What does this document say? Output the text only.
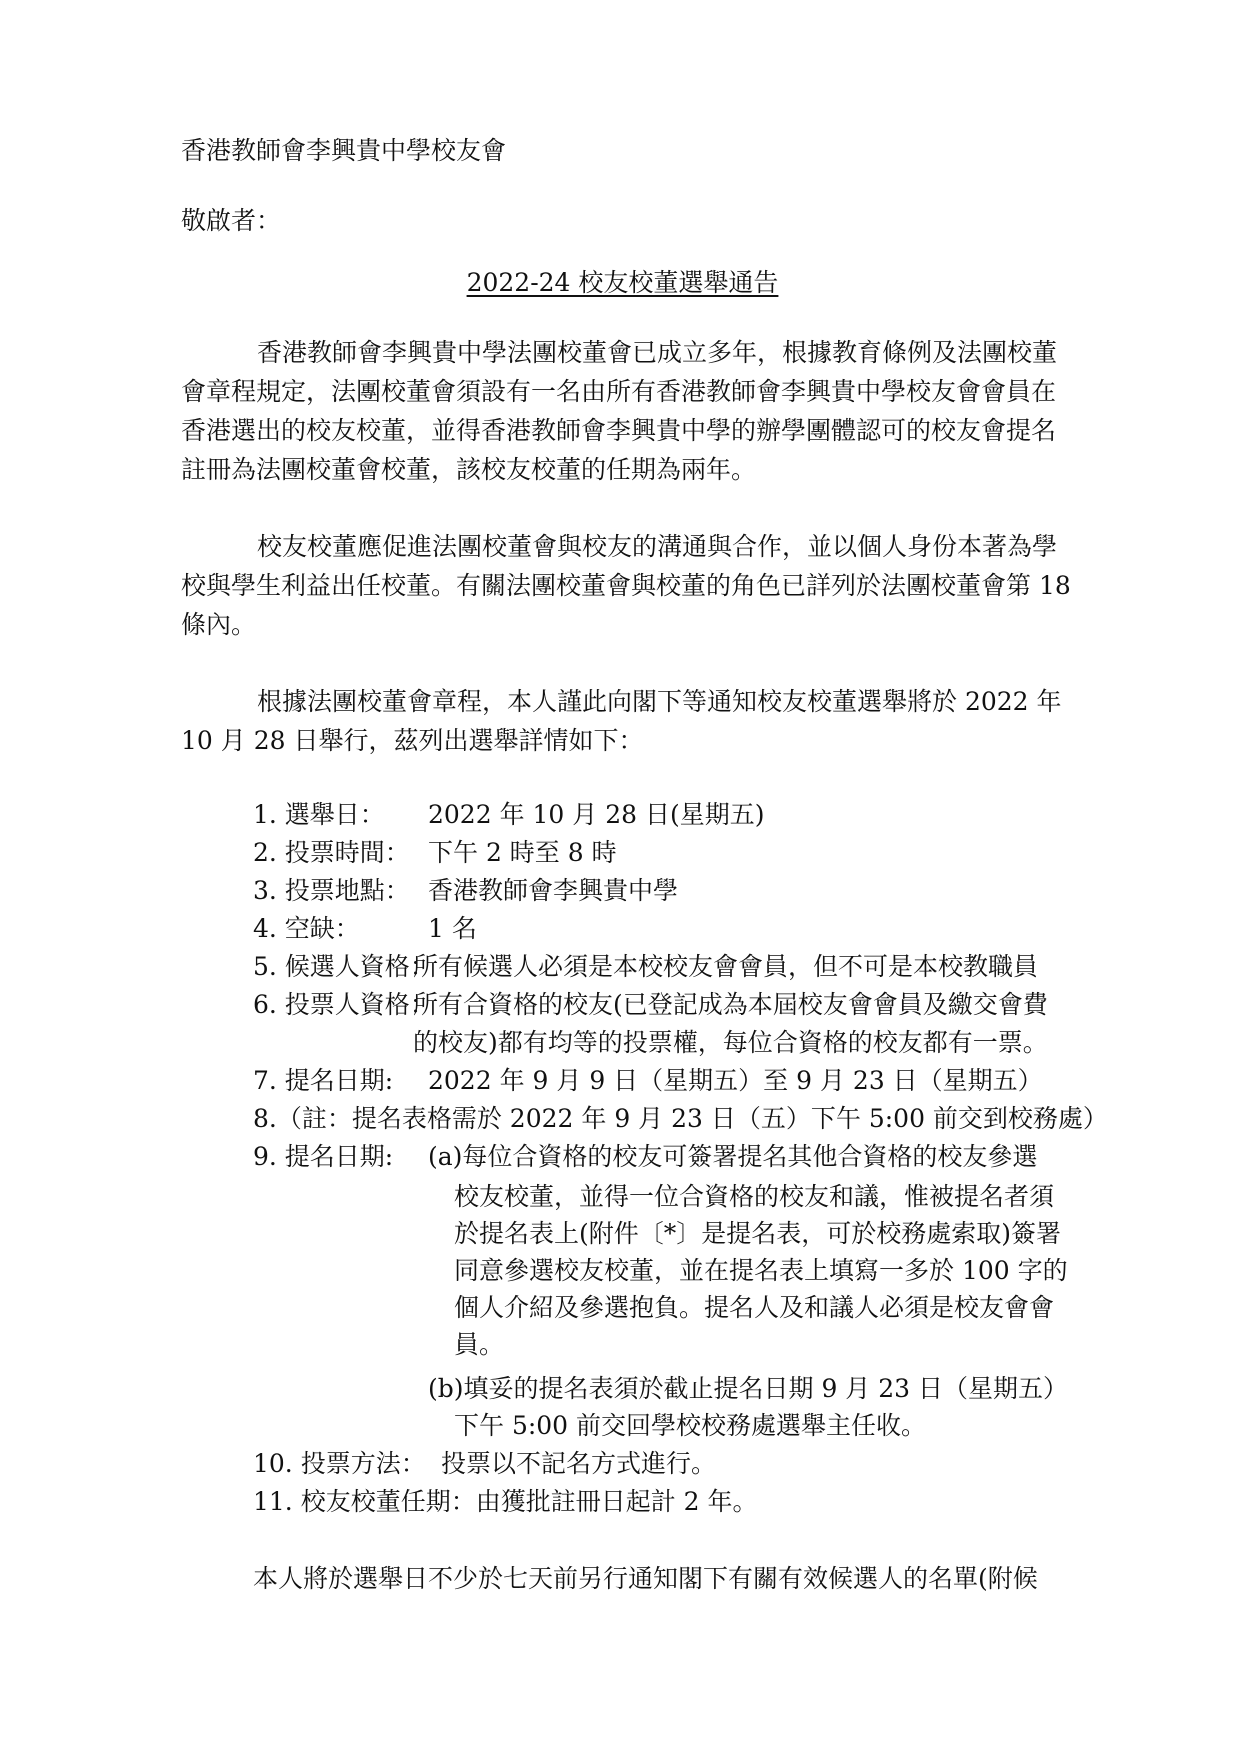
香港教師會李興貴中學校友會
敬啟者：
2022-24 校友校董選舉通告
香港教師會李興貴中學法團校董會已成立多年，根據教育條例及法團校董
會章程規定，法團校董會須設有一名由所有香港教師會李興貴中學校友會會員在
香港選出的校友校董，並得香港教師會李興貴中學的辦學團體認可的校友會提名
註冊為法團校董會校董，該校友校董的任期為兩年。
校友校董應促進法團校董會與校友的溝通與合作，並以個人身份本著為學
校與學生利益出任校董。有關法團校董會與校董的角色已詳列於法團校董會第 18
條內。
根據法團校董會章程，本人謹此向閣下等通知校友校董選舉將於 2022 年
10 月 28 日舉行，茲列出選舉詳情如下：
1. 選舉日： 2022 年 10 月 28 日(星期五)
2. 投票時間： 下午 2 時至 8 時
3. 投票地點： 香港教師會李興貴中學
4. 空缺：	1 名
5. 候選人資格：所有候選人必須是本校校友會會員，但不可是本校教職員
6. 投票人資格：所有合資格的校友(已登記成為本屆校友會會員及繳交會費
的校友)都有均等的投票權，每位合資格的校友都有一票。
7. 提名日期: 2022 年 9 月 9 日（星期五）至 9 月 23 日（星期五）
8.（註：提名表格需於 2022 年 9 月 23 日（五）下午 5:00 前交到校務處）
9. 提名日期: (a)每位合資格的校友可簽署提名其他合資格的校友參選
校友校董，並得一位合資格的校友和議，惟被提名者須
於提名表上(附件〔*〕是提名表，可於校務處索取)簽署
同意參選校友校董，並在提名表上填寫一多於 100 字的
個人介紹及參選抱負。提名人及和議人必須是校友會會
員。
(b)填妥的提名表須於截止提名日期 9 月 23 日（星期五）
下午 5:00 前交回學校校務處選舉主任收。
10. 投票方法： 投票以不記名方式進行。
11. 校友校董任期：由獲批註冊日起計 2 年。
本人將於選舉日不少於七天前另行通知閣下有關有效候選人的名單(附候
